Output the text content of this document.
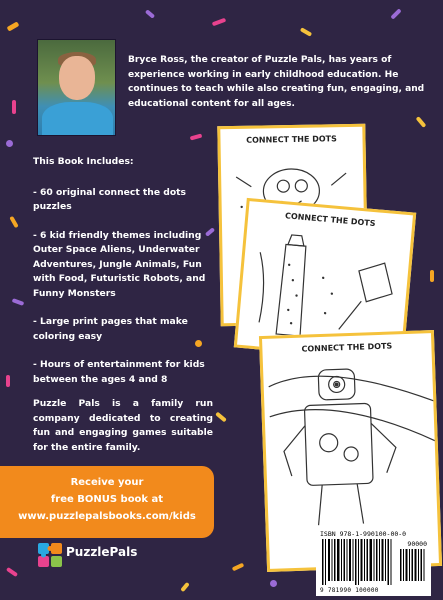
Bryce Ross, the creator of Puzzle Pals, has years of experience working in early childhood education. He continues to teach while also creating fun, engaging, and educational content for all ages.
This Book Includes:
- 60 original connect the dots puzzles
- 6 kid friendly themes including Outer Space Aliens, Underwater Adventures, Jungle Animals, Fun with Food, Futuristic Robots, and Funny Monsters
- Large print pages that make coloring easy
- Hours of entertainment for kids between the ages 4 and 8
Puzzle Pals is a family run company dedicated to creating fun and engaging games suitable for the entire family.
Receive your
free BONUS book at
www.puzzlepalsbooks.com/kids
PuzzlePals
CONNECT THE DOTS
CONNECT THE DOTS
CONNECT THE DOTS
ISBN 978-1-990100-00-0
90000
9 781990 100000
